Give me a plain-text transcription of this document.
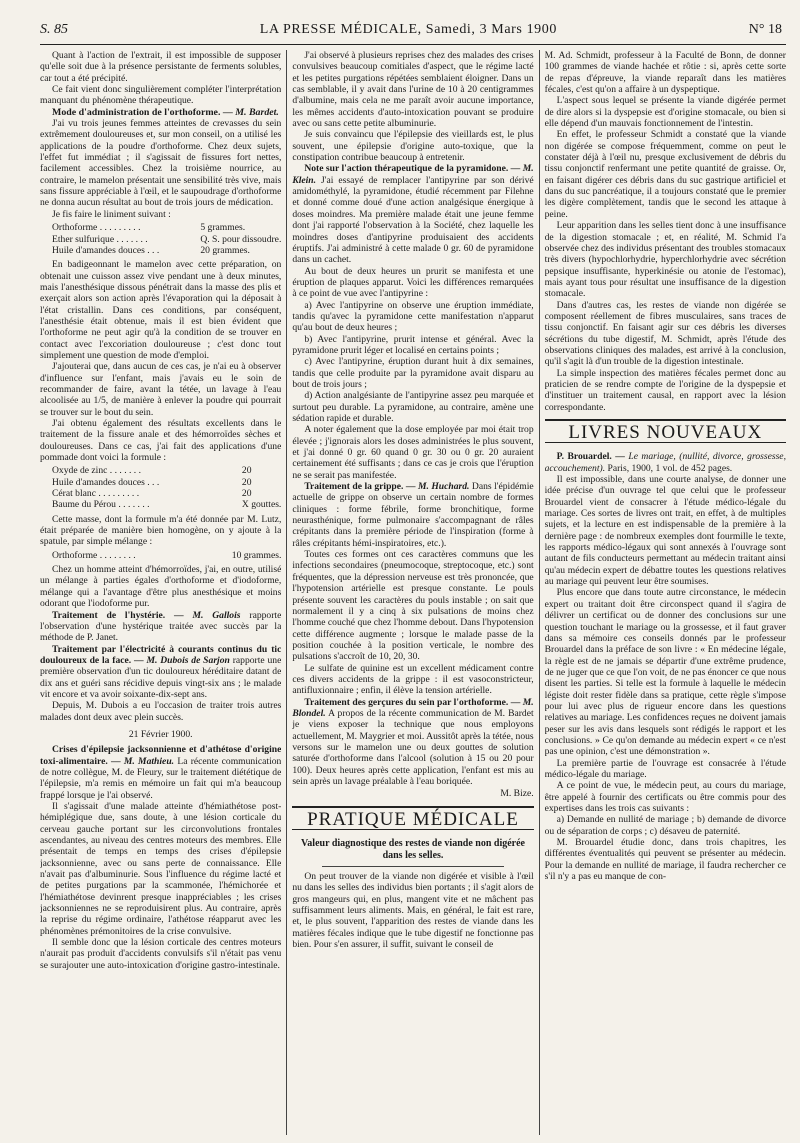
S. 85	LA PRESSE MÉDICALE, Samedi, 3 Mars 1900	N° 18

Quant à l'action de l'extrait, il est impossible de supposer qu'elle soit due à la présence persistante de ferments solubles, car tout a été précipité.

Ce fait vient donc singulièrement compléter l'interprétation manquant du phénomène thérapeutique.

Mode d'administration de l'orthoforme. — M. Bardet.

J'ai vu trois jeunes femmes atteintes de crevasses du sein extrêmement douloureuses et, sur mon conseil, on a utilisé les applications de la poudre d'orthoforme. Chez deux sujets, l'effet fut immédiat ; il s'agissait de fissures fort nettes, facilement accessibles. Chez la troisième nourrice, au contraire, le mamelon présentait une sensibilité très vive, mais sans fissure appréciable à l'œil, et le saupoudrage d'orthoforme ne donna aucun résultat au bout de trois jours de médication.

Je fis faire le liniment suivant :

Orthoforme . . . . . . . . .	5 grammes.
Ether sulfurique . . . . . . .	Q. S. pour dissoudre.
Huile d'amandes douces . . .	20 grammes.

En badigeonnant le mamelon avec cette préparation, on obtenait une cuisson assez vive pendant une à deux minutes, mais l'anesthésique dissous pénétrait dans la masse des plis et exerçait alors son action après l'évaporation qui la déposait à l'état cristallin. Dans ces conditions, par conséquent, l'anesthésie était obtenue, mais il est bien évident que l'orthoforme ne peut agir qu'à la condition de se trouver en contact avec l'excoriation douloureuse ; c'est donc tout simplement une question de mode d'emploi.

J'ajouterai que, dans aucun de ces cas, je n'ai eu à observer d'influence sur l'enfant, mais j'avais eu le soin de recommander de faire, avant la tétée, un lavage à l'eau alcoolisée au 1/5, de manière à enlever la poudre qui pourrait se trouver sur le bout du sein.

J'ai obtenu également des résultats excellents dans le traitement de la fissure anale et des hémorroïdes sèches et douloureuses. Dans ce cas, j'ai fait des applications d'une pommade dont voici la formule :

Oxyde de zinc . . . . . . .	20
Huile d'amandes douces . . .	20
Cérat blanc . . . . . . . . .	20
Baume du Pérou . . . . . . .	X gouttes.

Cette masse, dont la formule m'a été donnée par M. Lutz, était préparée de manière bien homogène, on y ajoute à la spatule, par simple mélange :

Orthoforme . . . . . . . .	10 grammes.

Chez un homme atteint d'hémorroïdes, j'ai, en outre, utilisé un mélange à parties égales d'orthoforme et d'iodoforme, mélange qui a l'avantage d'être plus anesthésique et moins odorant que l'iodoforme pur.

Traitement de l'hystérie. — M. Gallois rapporte l'observation d'une hystérique traitée avec succès par la méthode de P. Janet.

Traitement par l'électricité à courants continus du tic douloureux de la face. — M. Dubois de Sarjon rapporte une première observation d'un tic douloureux héréditaire datant de dix ans et guéri sans récidive depuis vingt-six ans ; le malade vit encore et va avoir soixante-dix-sept ans.

Depuis, M. Dubois a eu l'occasion de traiter trois autres malades dont deux avec plein succès.

21 Février 1900.

Crises d'épilepsie jacksonnienne et d'athétose d'origine toxi-alimentaire. — M. Mathieu. La récente communication de notre collègue, M. de Fleury, sur le traitement diététique de l'épilepsie, m'a remis en mémoire un fait qui m'a beaucoup frappé lorsque je l'ai observé.

Il s'agissait d'une malade atteinte d'hémiathétose post-hémiplégique due, sans doute, à une lésion corticale du cerveau gauche portant sur les circonvolutions frontales ascendantes, au niveau des centres moteurs des membres. Elle présentait de temps en temps des crises d'épilepsie jacksonnienne, avec ou sans perte de connaissance. Elle n'avait pas d'albuminurie. Sous l'influence du régime lacté et de petites purgations par la scammonée, l'hémichorée et l'hémiathétose devinrent presque inappréciables ; les crises jacksonniennes ne se reproduisirent plus. Au contraire, après la reprise du régime ordinaire, l'athétose réapparut avec les phénomènes prémonitoires de la crise convulsive.

Il semble donc que la lésion corticale des centres moteurs n'aurait pas produit d'accidents convulsifs s'il n'était pas venu se surajouter une auto-intoxication d'origine gastro-intestinale.

J'ai observé à plusieurs reprises chez des malades des crises convulsives beaucoup comitiales d'aspect, que le régime lacté et les petites purgations répétées semblaient éloigner. Dans un cas semblable, il y avait dans l'urine de 10 à 20 centigrammes d'albumine, mais cela ne me paraît avoir aucune importance, les mêmes accidents d'auto-intoxication pouvant se produire avec ou sans cette petite albuminurie.

Je suis convaincu que l'épilepsie des vieillards est, le plus souvent, une épilepsie d'origine auto-toxique, que la constipation contribue beaucoup à entretenir.

Note sur l'action thérapeutique de la pyramidone. — M. Klein. J'ai essayé de remplacer l'antipyrine par son dérivé amidométhylé, la pyramidone, étudié récemment par Filehne et donné comme doué d'une action analgésique énergique à doses moindres. Ma première malade était une jeune femme dont j'ai rapporté l'observation à la Société, chez laquelle les moindres doses d'antipyrine produisaient des accidents éruptifs. J'ai administré à cette malade 0 gr. 60 de pyramidone dans un cachet.

Au bout de deux heures un prurit se manifesta et une éruption de plaques apparut. Voici les différences remarquées à ce point de vue avec l'antipyrine :

a) Avec l'antipyrine on observe une éruption immédiate, tandis qu'avec la pyramidone cette manifestation n'apparut qu'au bout de deux heures ;

b) Avec l'antipyrine, prurit intense et général. Avec la pyramidone prurit léger et localisé en certains points ;

c) Avec l'antipyrine, éruption durant huit à dix semaines, tandis que celle produite par la pyramidone avait disparu au bout de trois jours ;

d) Action analgésiante de l'antipyrine assez peu marquée et surtout peu durable. La pyramidone, au contraire, amène une sédation rapide et durable.

A noter également que la dose employée par moi était trop élevée ; j'ignorais alors les doses administrées le plus souvent, et j'ai donné 0 gr. 60 quand 0 gr. 30 ou 0 gr. 20 auraient certainement été suffisants ; dans ce cas je crois que l'éruption ne se serait pas manifestée.

Traitement de la grippe. — M. Huchard. Dans l'épidémie actuelle de grippe on observe un certain nombre de formes cliniques : forme fébrile, forme bronchitique, forme neurasthénique, forme pulmonaire s'accompagnant de râles crépitants dans la première période de l'inspiration (forme à râles crépitants hémi-inspiratoires, etc.).

Toutes ces formes ont ces caractères communs que les infections secondaires (pneumocoque, streptocoque, etc.) sont fréquentes, que la dépression nerveuse est très prononcée, que l'hypotension artérielle est presque constante. Le pouls présente souvent les caractères du pouls instable ; on sait que normalement il y a cinq à six pulsations de moins chez l'homme couché que chez l'homme debout. Dans l'hypotension cette différence augmente ; lorsque le malade passe de la position couchée à la position verticale, le nombre des pulsations s'accroît de 10, 20, 30.

Le sulfate de quinine est un excellent médicament contre ces divers accidents de la grippe : il est vasoconstricteur, antifluxionnaire ; enfin, il élève la tension artérielle.

Traitement des gerçures du sein par l'orthoforme. — M. Blondel. A propos de la récente communication de M. Bardet je viens exposer la technique que nous employons actuellement, M. Maygrier et moi. Aussitôt après la tétée, nous versons sur le mamelon une ou deux gouttes de solution saturée d'orthoforme dans l'alcool (solution à 15 ou 20 pour 100). Deux heures après cette application, l'enfant est mis au sein après un lavage préalable à l'eau boriquée.

M. Bize.
PRATIQUE MÉDICALE
Valeur diagnostique des restes de viande non digérée dans les selles.

On peut trouver de la viande non digérée et visible à l'œil nu dans les selles des individus bien portants ; il s'agit alors de gros mangeurs qui, en plus, mangent vite et ne mâchent pas suffisamment leurs aliments. Mais, en général, le fait est rare, et, le plus souvent, l'apparition des restes de viande dans les matières fécales indique que le tube digestif ne fonctionne pas bien. Pour s'en assurer, il suffit, suivant le conseil de

M. Ad. Schmidt, professeur à la Faculté de Bonn, de donner 100 grammes de viande hachée et rôtie : si, après cette sorte de repas d'épreuve, la viande reparaît dans les matières fécales, c'est qu'on a affaire à un dyspeptique.

L'aspect sous lequel se présente la viande digérée permet de dire alors si la dyspepsie est d'origine stomacale, ou bien si elle dépend d'un mauvais fonctionnement de l'intestin.

En effet, le professeur Schmidt a constaté que la viande non digérée se compose fréquemment, comme on peut le constater déjà à l'œil nu, presque exclusivement de débris du tissu conjonctif renfermant une petite quantité de graisse. Or, en faisant digérer ces débris dans du suc gastrique artificiel et dans du suc pancréatique, il a toujours constaté que le premier les digère complètement, tandis que le second les attaque à peine.

Leur apparition dans les selles tient donc à une insuffisance de la digestion stomacale ; et, en réalité, M. Schmid l'a observée chez des individus présentant des troubles stomacaux très divers (hypochlorhydrie, hyperchlorhydrie avec sécrétion pepsique insuffisante, hyperkinésie ou atonie de l'estomac), mais ayant tous pour résultat une insuffisance de la digestion stomacale.

Dans d'autres cas, les restes de viande non digérée se composent réellement de fibres musculaires, sans traces de tissu conjonctif. En faisant agir sur ces débris les diverses sécrétions du tube digestif, M. Schmidt, après l'étude des observations cliniques des malades, est arrivé à la conclusion, qu'il s'agit là d'un trouble de la digestion intestinale.

La simple inspection des matières fécales permet donc au praticien de se rendre compte de l'origine de la dyspepsie et d'instituer un traitement causal, en rapport avec la lésion correspondante.

LIVRES NOUVEAUX

P. Brouardel. — Le mariage, (nullité, divorce, grossesse, accouchement). Paris, 1900, 1 vol. de 452 pages.

Il est impossible, dans une courte analyse, de donner une idée précise d'un ouvrage tel que celui que le professeur Brouardel vient de consacrer à l'étude médico-légale du mariage. Ces sortes de livres ont trait, en effet, à de multiples sujets, et la lecture en est indispensable de la première à la dernière page : de nombreux exemples dont fourmille le texte, les rapports médico-légaux qui sont annexés à l'ouvrage sont autant de fils conducteurs permettant au médecin traitant ainsi qu'au médecin expert de débattre toutes les questions relatives au mariage qui peuvent leur être soumises.

Plus encore que dans toute autre circonstance, le médecin expert ou traitant doit être circonspect quand il s'agira de délivrer un certificat ou de donner des conclusions sur une question touchant le mariage ou la grossesse, et il faut graver dans sa mémoire ces conseils donnés par le professeur Brouardel dans la préface de son livre : « En médecine légale, la règle est de ne jamais se départir d'une extrême prudence, de ne juger que ce que l'on voit, de ne pas énoncer ce que nous disent les parties. Si telle est la formule à laquelle le médecin légiste doit rester fidèle dans sa pratique, cette règle s'impose pour lui avec plus de rigueur encore dans les questions relatives au mariage. Les confidences reçues ne doivent jamais peser sur les avis dans lesquels sont rédigés le rapport et les conclusions. » Ce qu'on demande au médecin expert « ce n'est pas une opinion, c'est une démonstration ».

La première partie de l'ouvrage est consacrée à l'étude médico-légale du mariage.

A ce point de vue, le médecin peut, au cours du mariage, être appelé à fournir des certificats ou être commis pour des expertises dans les trois cas suivants :

a) Demande en nullité de mariage ; b) demande de divorce ou de séparation de corps ; c) désaveu de paternité.

M. Brouardel étudie donc, dans trois chapitres, les différentes éventualités qui peuvent se présenter au médecin. Pour la demande en nullité de mariage, il faudra rechercher ce s'il n'y a pas eu manque de con-
